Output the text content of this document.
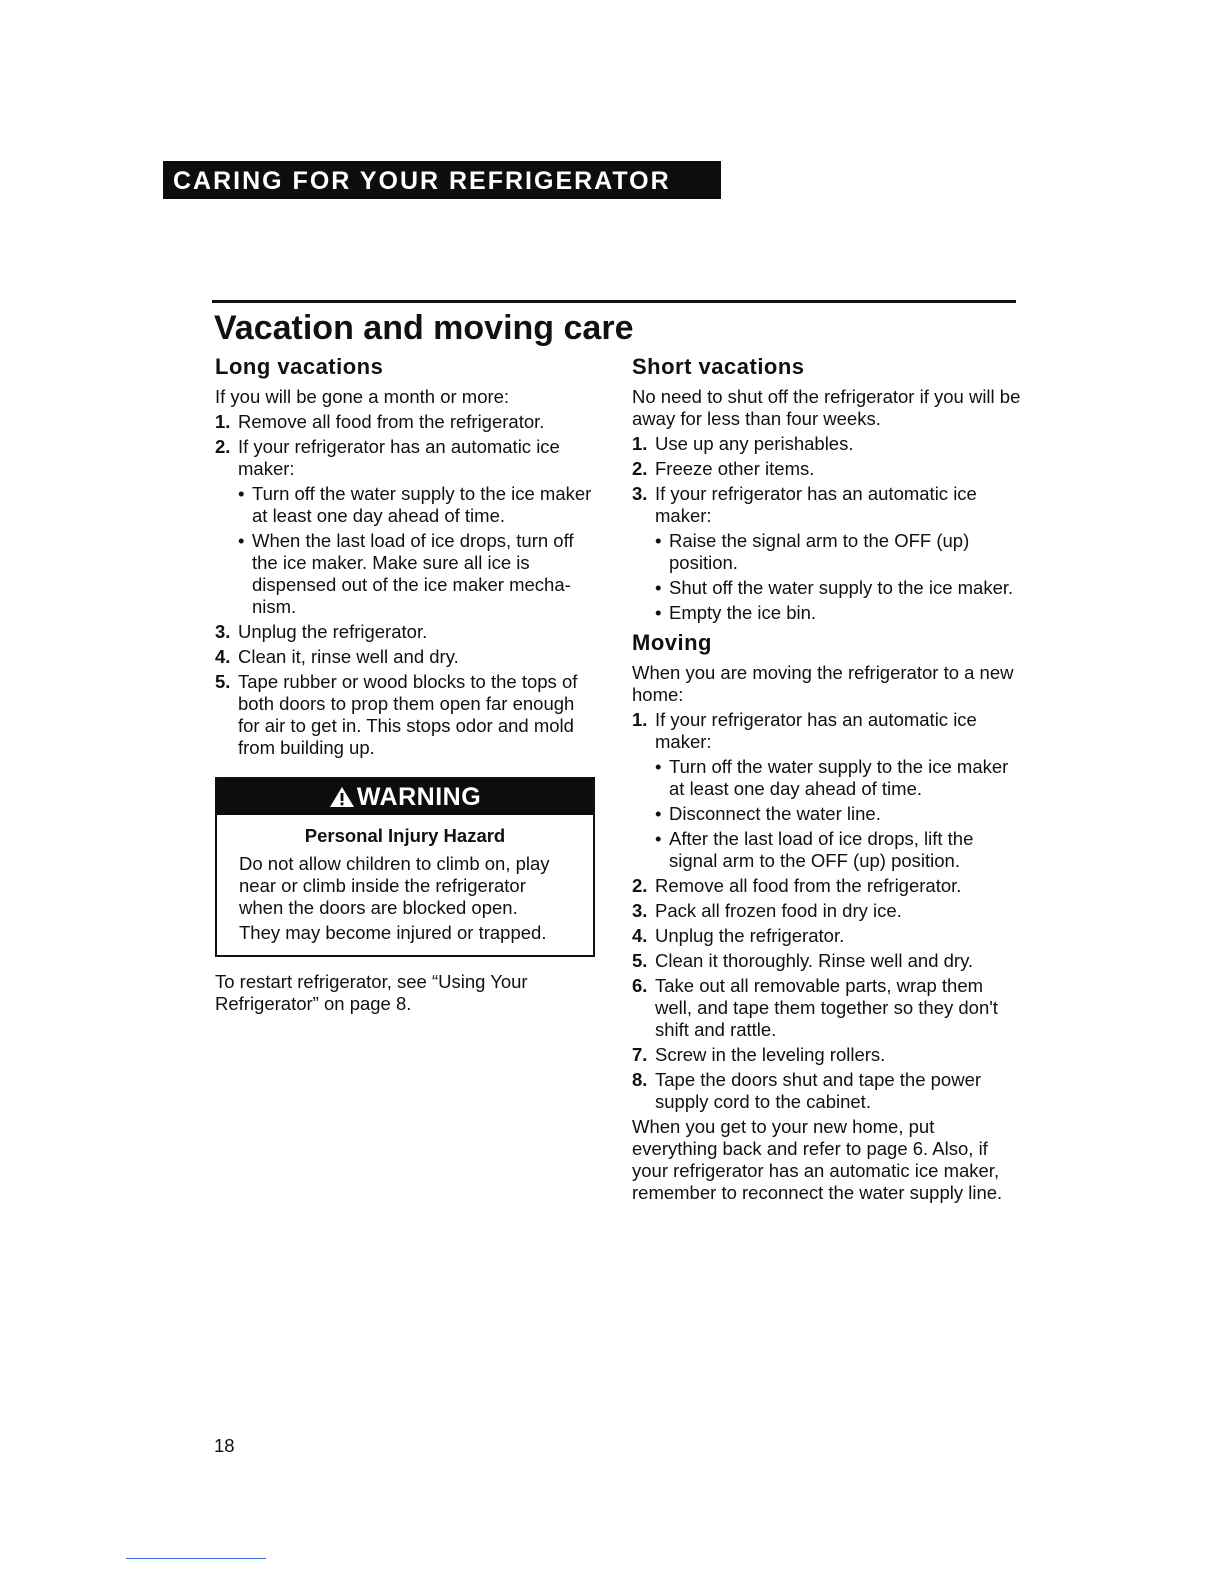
CARING FOR YOUR REFRIGERATOR
Vacation and moving care
Long vacations

If you will be gone a month or more:

1. Remove all food from the refrigerator.
2. If your refrigerator has an automatic ice maker:
• Turn off the water supply to the ice maker at least one day ahead of time.
• When the last load of ice drops, turn off the ice maker. Make sure all ice is dispensed out of the ice maker mecha- nism.
3. Unplug the refrigerator.
4. Clean it, rinse well and dry.
5. Tape rubber or wood blocks to the tops of both doors to prop them open far enough for air to get in. This stops odor and mold from building up.
WARNING
Personal Injury Hazard

Do not allow children to climb on, play near or climb inside the refrigerator when the doors are blocked open.

They may become injured or trapped.

To restart refrigerator, see “Using Your Refrigerator” on page 8.

Short vacations

No need to shut off the refrigerator if you will be away for less than four weeks.

1. Use up any perishables.
2. Freeze other items.
3. If your refrigerator has an automatic ice maker:
• Raise the signal arm to the OFF (up) position.
• Shut off the water supply to the ice maker.
• Empty the ice bin.
Moving

When you are moving the refrigerator to a new home:

1. If your refrigerator has an automatic ice maker:
• Turn off the water supply to the ice maker at least one day ahead of time.
• Disconnect the water line.
• After the last load of ice drops, lift the signal arm to the OFF (up) position.
2. Remove all food from the refrigerator.
3. Pack all frozen food in dry ice.
4. Unplug the refrigerator.
5. Clean it thoroughly. Rinse well and dry.
6. Take out all removable parts, wrap them well, and tape them together so they don't shift and rattle.
7. Screw in the leveling rollers.
8. Tape the doors shut and tape the power supply cord to the cabinet.

When you get to your new home, put everything back and refer to page 6. Also, if your refrigerator has an automatic ice maker, remember to reconnect the water supply line.

18
